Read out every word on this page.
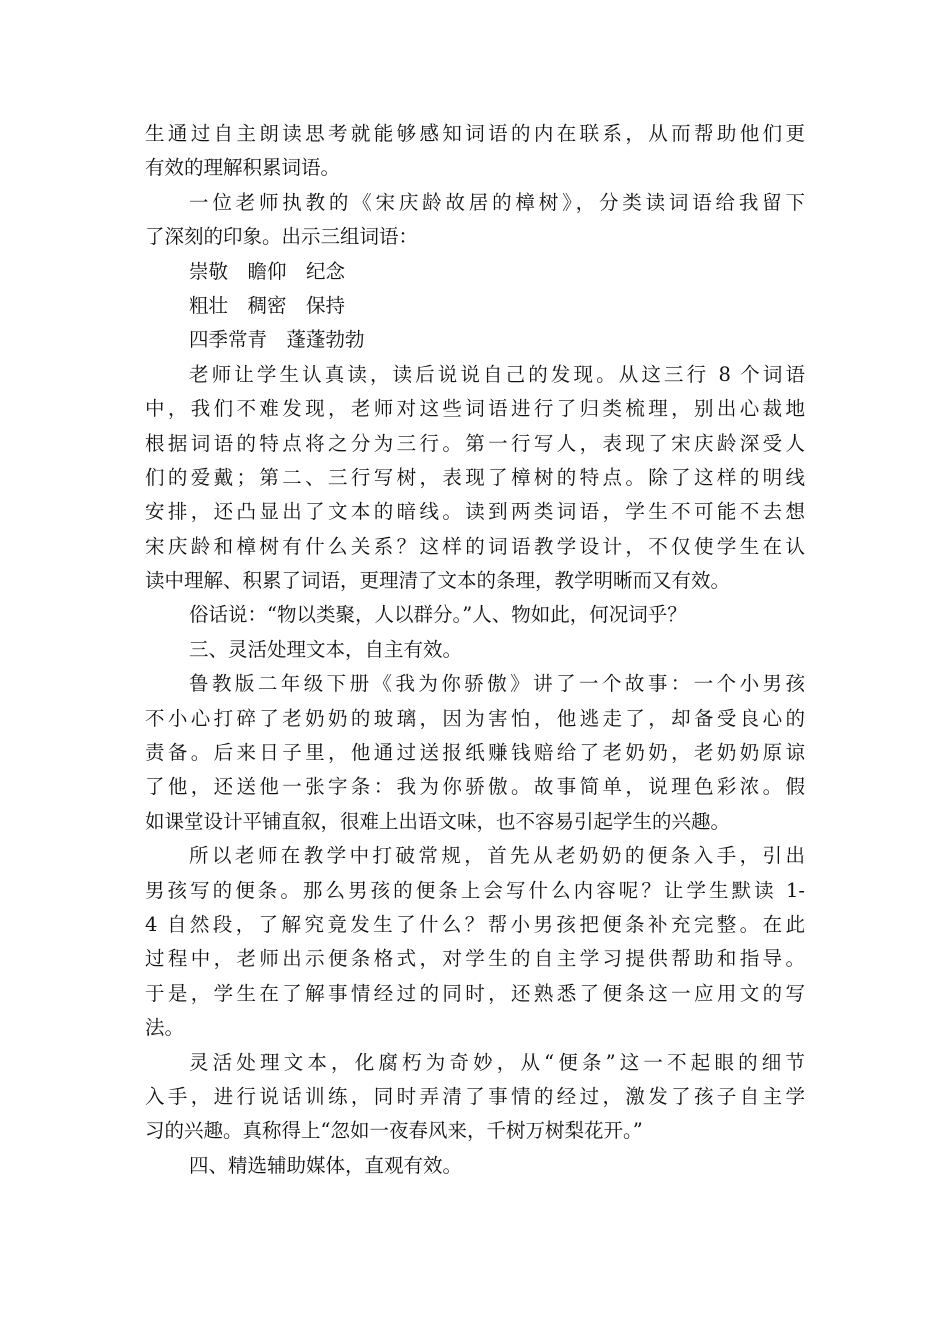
生通过自主朗读思考就能够感知词语的内在联系，从而帮助他们更
有效的理解积累词语。
一位老师执教的《宋庆龄故居的樟树》，分类读词语给我留下
了深刻的印象。出示三组词语：
崇敬　瞻仰　纪念
粗壮　稠密　保持
四季常青　蓬蓬勃勃
老师让学生认真读，读后说说自己的发现。从这三行 8 个词语
中，我们不难发现，老师对这些词语进行了归类梳理，别出心裁地
根据词语的特点将之分为三行。第一行写人，表现了宋庆龄深受人
们的爱戴；第二、三行写树，表现了樟树的特点。除了这样的明线
安排，还凸显出了文本的暗线。读到两类词语，学生不可能不去想
宋庆龄和樟树有什么关系？这样的词语教学设计，不仅使学生在认
读中理解、积累了词语，更理清了文本的条理，教学明晰而又有效。
俗话说：“物以类聚，人以群分。”人、物如此，何况词乎？
三、灵活处理文本，自主有效。
鲁教版二年级下册《我为你骄傲》讲了一个故事：一个小男孩
不小心打碎了老奶奶的玻璃，因为害怕，他逃走了，却备受良心的
责备。后来日子里，他通过送报纸赚钱赔给了老奶奶，老奶奶原谅
了他，还送他一张字条：我为你骄傲。故事简单，说理色彩浓。假
如课堂设计平铺直叙，很难上出语文味，也不容易引起学生的兴趣。
所以老师在教学中打破常规，首先从老奶奶的便条入手，引出
男孩写的便条。那么男孩的便条上会写什么内容呢？让学生默读 1-
4 自然段，了解究竟发生了什么？帮小男孩把便条补充完整。在此
过程中，老师出示便条格式，对学生的自主学习提供帮助和指导。
于是，学生在了解事情经过的同时，还熟悉了便条这一应用文的写
法。
灵活处理文本，化腐朽为奇妙，从“便条”这一不起眼的细节
入手，进行说话训练，同时弄清了事情的经过，激发了孩子自主学
习的兴趣。真称得上“忽如一夜春风来，千树万树梨花开。”
四、精选辅助媒体，直观有效。
